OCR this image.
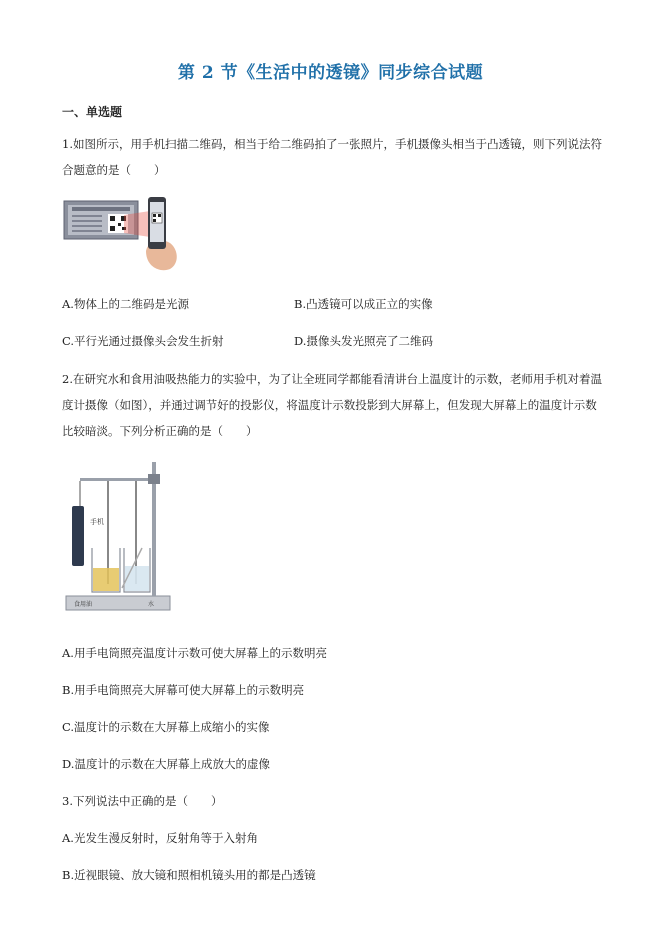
第 2 节《生活中的透镜》同步综合试题
一、单选题
1.如图所示，用手机扫描二维码，相当于给二维码拍了一张照片，手机摄像头相当于凸透镜，则下列说法符合题意的是（　　）
A.物体上的二维码是光源	B.凸透镜可以成正立的实像
C.平行光通过摄像头会发生折射	D.摄像头发光照亮了二维码
2.在研究水和食用油吸热能力的实验中，为了让全班同学都能看清讲台上温度计的示数，老师用手机对着温度计摄像（如图），并通过调节好的投影仪，将温度计示数投影到大屏幕上，但发现大屏幕上的温度计示数比较暗淡。下列分析正确的是（　　）
手机
食用油	水
A.用手电筒照亮温度计示数可使大屏幕上的示数明亮
B.用手电筒照亮大屏幕可使大屏幕上的示数明亮
C.温度计的示数在大屏幕上成缩小的实像
D.温度计的示数在大屏幕上成放大的虚像
3.下列说法中正确的是（　　）
A.光发生漫反射时，反射角等于入射角
B.近视眼镜、放大镜和照相机镜头用的都是凸透镜
